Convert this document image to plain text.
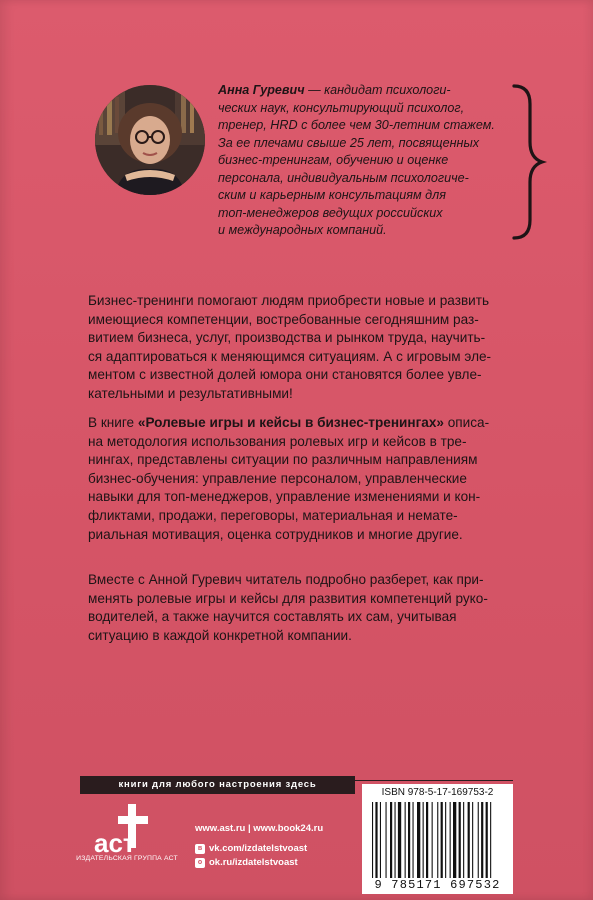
Анна Гуревич — кандидат психологи-
ческих наук, консультирующий психолог,
тренер, HRD с более чем 30-летним стажем.
За ее плечами свыше 25 лет, посвященных
бизнес-тренингам, обучению и оценке
персонала, индивидуальным психологиче-
ским и карьерным консультациям для
топ-менеджеров ведущих российских
и международных компаний.
Бизнес-тренинги помогают людям приобрести новые и развить
имеющиеся компетенции, востребованные сегодняшним раз-
витием бизнеса, услуг, производства и рынком труда, научить-
ся адаптироваться к меняющимся ситуациям. А с игровым эле-
ментом с известной долей юмора они становятся более увле-
кательными и результативными!
В книге «Ролевые игры и кейсы в бизнес-тренингах» описа-
на методология использования ролевых игр и кейсов в тре-
нингах, представлены ситуации по различным направлениям
бизнес-обучения: управление персоналом, управленческие
навыки для топ-менеджеров, управление изменениями и кон-
фликтами, продажи, переговоры, материальная и немате-
риальная мотивация, оценка сотрудников и многие другие.
Вместе с Анной Гуревич читатель подробно разберет, как при-
менять ролевые игры и кейсы для развития компетенций руко-
водителей, а также научится составлять их сам, учитывая
ситуацию в каждой конкретной компании.
книги для любого настроения здесь
аст
ИЗДАТЕЛЬСКАЯ ГРУППА АСТ
www.ast.ru | www.book24.ru
в vk.com/izdatelstvoast
о ok.ru/izdatelstvoast
ISBN 978-5-17-169753-2
9 785171 697532
